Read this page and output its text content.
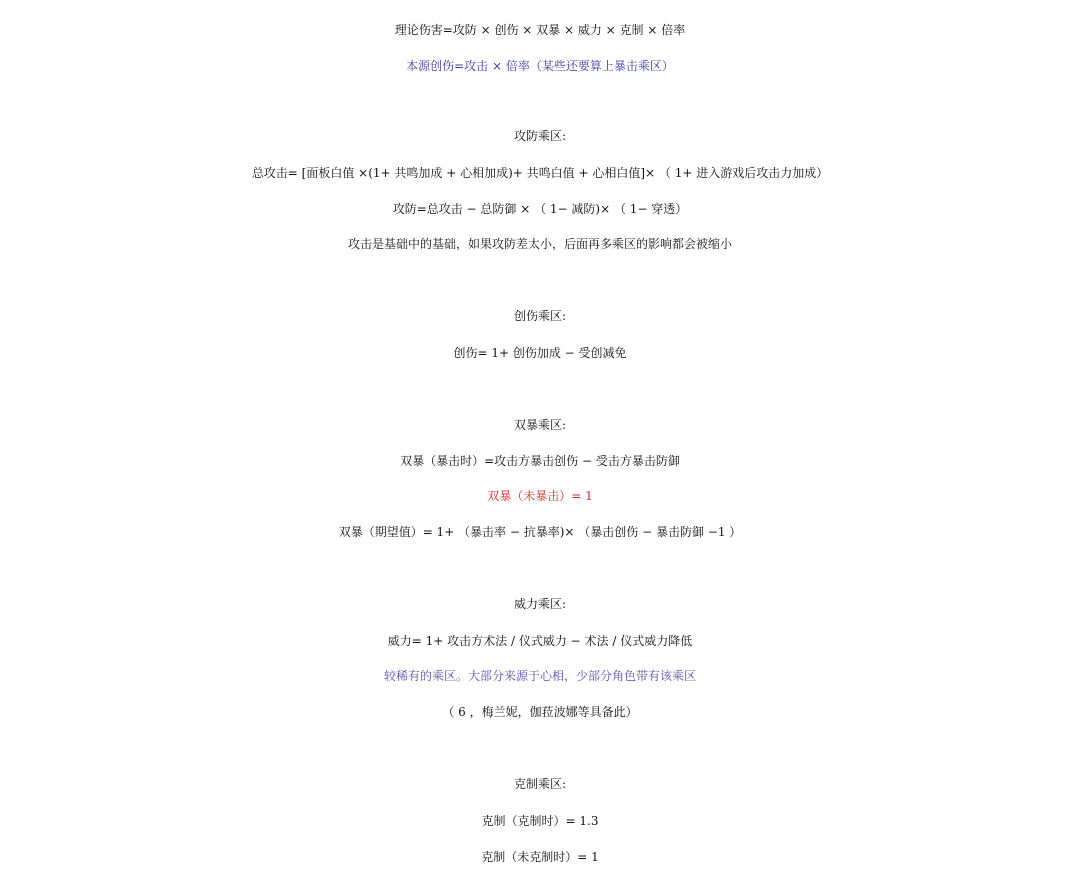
理论伤害=攻防 × 创伤 × 双暴 × 威力 × 克制 × 倍率
本源创伤=攻击 × 倍率（某些还要算上暴击乘区）
攻防乘区:
总攻击= [面板白值 ×(1+ 共鸣加成 + 心相加成)+ 共鸣白值 + 心相白值]× （ 1+ 进入游戏后攻击力加成）
攻防=总攻击 − 总防御 × （ 1− 减防)× （ 1− 穿透）
攻击是基础中的基础，如果攻防差太小，后面再多乘区的影响都会被缩小
创伤乘区:
创伤= 1+ 创伤加成 − 受创减免
双暴乘区:
双暴（暴击时）=攻击方暴击创伤 − 受击方暴击防御
双暴（未暴击）= 1
双暴（期望值）= 1+ （暴击率 − 抗暴率)× （暴击创伤 − 暴击防御 −1 ）
威力乘区:
威力= 1+ 攻击方术法 / 仪式威力 − 术法 / 仪式威力降低
较稀有的乘区。大部分来源于心相，少部分角色带有该乘区
（ 6 ，梅兰妮，伽菈波娜等具备此）
克制乘区:
克制（克制时）= 1.3
克制（未克制时）= 1
